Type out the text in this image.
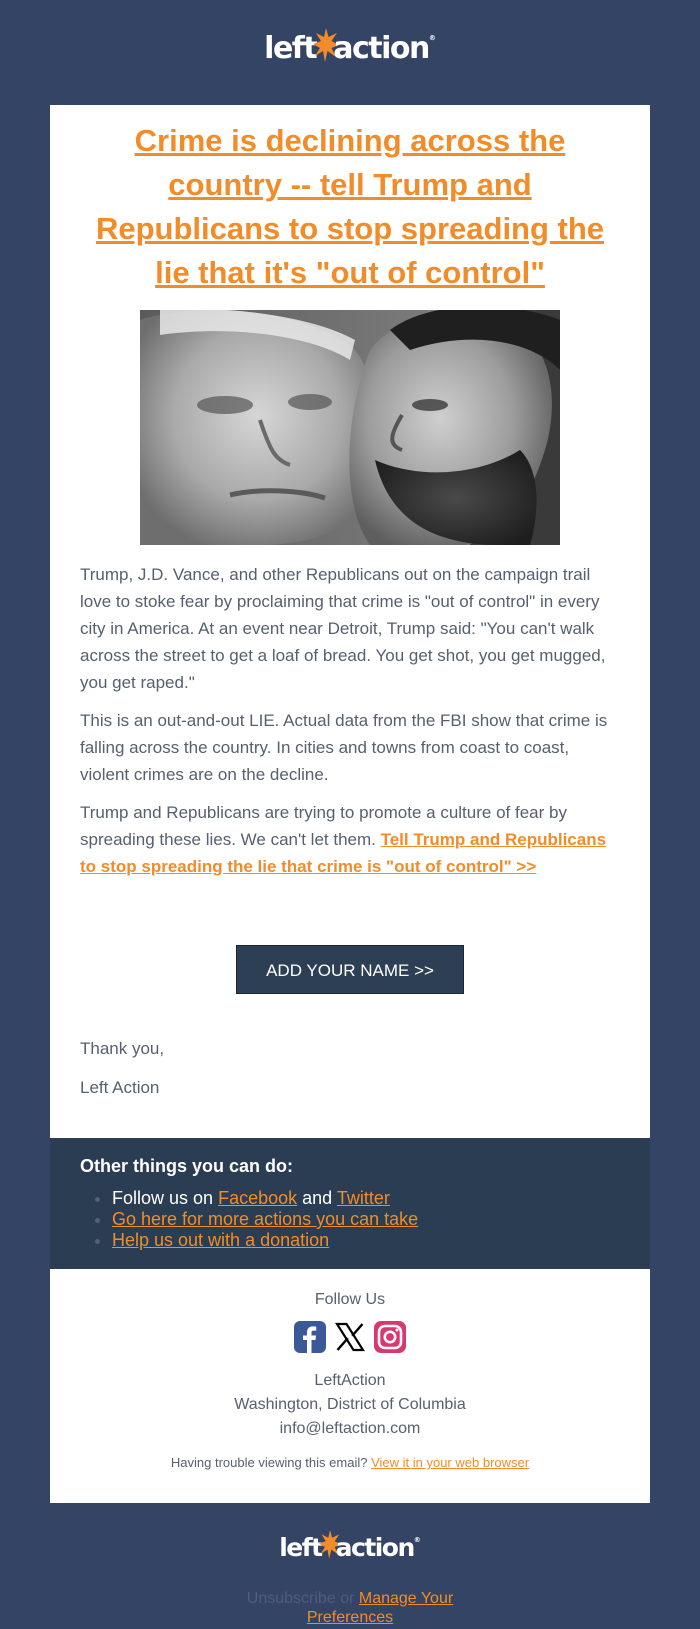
left action®
Crime is declining across the country -- tell Trump and Republicans to stop spreading the lie that it's "out of control"

Trump, J.D. Vance, and other Republicans out on the campaign trail love to stoke fear by proclaiming that crime is "out of control" in every city in America. At an event near Detroit, Trump said: "You can't walk across the street to get a loaf of bread. You get shot, you get mugged, you get raped."

This is an out-and-out LIE. Actual data from the FBI show that crime is falling across the country. In cities and towns from coast to coast, violent crimes are on the decline.

Trump and Republicans are trying to promote a culture of fear by spreading these lies. We can't let them. Tell Trump and Republicans to stop spreading the lie that crime is "out of control" >>

ADD YOUR NAME >>

Thank you,

Left Action

Other things you can do:

• Follow us on Facebook and Twitter
• Go here for more actions you can take
• Help us out with a donation
Follow Us

LeftAction
Washington, District of Columbia
info@leftaction.com
Having trouble viewing this email? View it in your web browser
left action®
Unsubscribe or Manage Your Preferences
